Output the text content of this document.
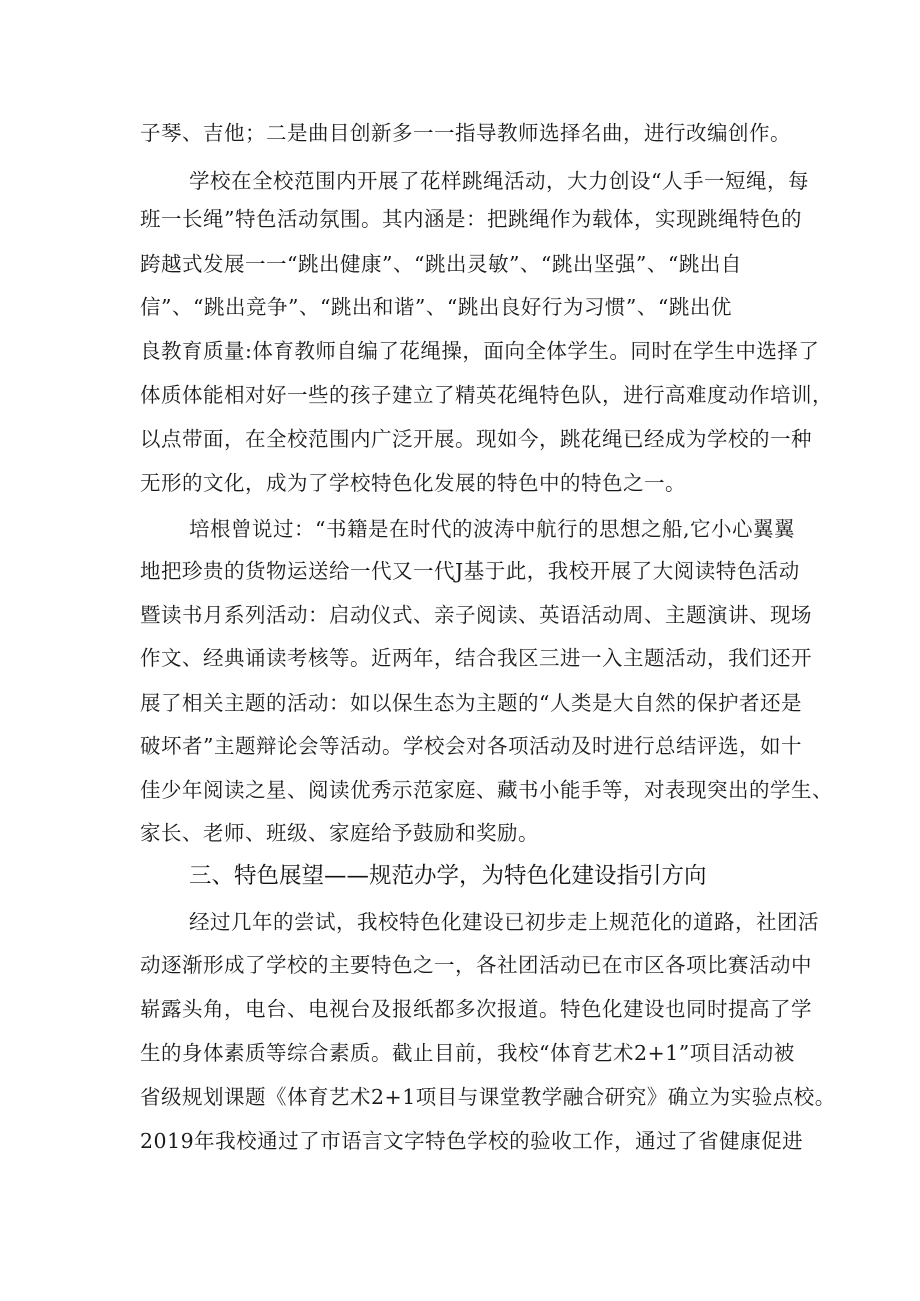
子琴、吉他；二是曲目创新多一一指导教师选择名曲，进行改编创作。
学校在全校范围内开展了花样跳绳活动，大力创设“人手一短绳，每
班一长绳”特色活动氛围。其内涵是：把跳绳作为载体，实现跳绳特色的
跨越式发展一一“跳出健康”、“跳出灵敏”、“跳出坚强”、“跳出自
信”、“跳出竞争”、“跳出和谐”、“跳出良好行为习惯”、“跳出优
良教育质量:体育教师自编了花绳操，面向全体学生。同时在学生中选择了
体质体能相对好一些的孩子建立了精英花绳特色队，进行高难度动作培训，
以点带面，在全校范围内广泛开展。现如今，跳花绳已经成为学校的一种
无形的文化，成为了学校特色化发展的特色中的特色之一。
培根曾说过：“书籍是在时代的波涛中航行的思想之船,它小心翼翼
地把珍贵的货物运送给一代又一代J基于此，我校开展了大阅读特色活动
暨读书月系列活动：启动仪式、亲子阅读、英语活动周、主题演讲、现场
作文、经典诵读考核等。近两年，结合我区三进一入主题活动，我们还开
展了相关主题的活动：如以保生态为主题的“人类是大自然的保护者还是
破坏者”主题辩论会等活动。学校会对各项活动及时进行总结评选，如十
佳少年阅读之星、阅读优秀示范家庭、藏书小能手等，对表现突出的学生、
家长、老师、班级、家庭给予鼓励和奖励。
三、特色展望——规范办学，为特色化建设指引方向
经过几年的尝试，我校特色化建设已初步走上规范化的道路，社团活
动逐渐形成了学校的主要特色之一，各社团活动已在市区各项比赛活动中
崭露头角，电台、电视台及报纸都多次报道。特色化建设也同时提高了学
生的身体素质等综合素质。截止目前，我校“体育艺术2+1”项目活动被
省级规划课题《体育艺术2+1项目与课堂教学融合研究》确立为实验点校。
2019年我校通过了市语言文字特色学校的验收工作，通过了省健康促进
